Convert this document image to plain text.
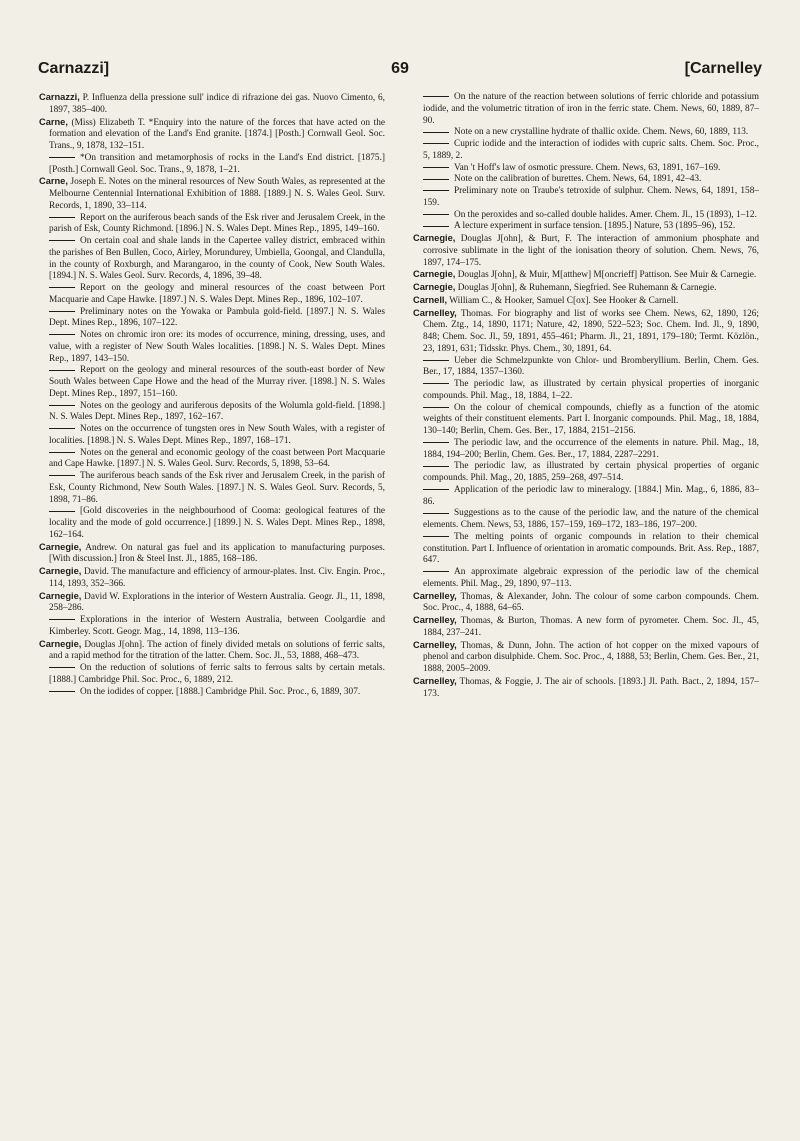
Carnazzi]	69	[Carnelley

Carnazzi, P. Influenza della pressione sull' indice di rifrazione dei gas. Nuovo Cimento, 6, 1897, 385–400.

Carne, (Miss) Elizabeth T. *Enquiry into the nature of the forces that have acted on the formation and elevation of the Land's End granite. [1874.] [Posth.] Cornwall Geol. Soc. Trans., 9, 1878, 132–151.

*On transition and metamorphosis of rocks in the Land's End district. [1875.] [Posth.] Cornwall Geol. Soc. Trans., 9, 1878, 1–21.

Carne, Joseph E. Notes on the mineral resources of New South Wales, as represented at the Melbourne Centennial International Exhibition of 1888. [1889.] N. S. Wales Geol. Surv. Records, 1, 1890, 33–114.

Report on the auriferous beach sands of the Esk river and Jerusalem Creek, in the parish of Esk, County Richmond. [1896.] N. S. Wales Dept. Mines Rep., 1895, 149–160.

On certain coal and shale lands in the Capertee valley district, embraced within the parishes of Ben Bullen, Coco, Airley, Morundurey, Umbiella, Goongal, and Clandulla, in the county of Roxburgh, and Marangaroo, in the county of Cook, New South Wales. [1894.] N. S. Wales Geol. Surv. Records, 4, 1896, 39–48.

Report on the geology and mineral resources of the coast between Port Macquarie and Cape Hawke. [1897.] N. S. Wales Dept. Mines Rep., 1896, 102–107.

Preliminary notes on the Yowaka or Pambula gold-field. [1897.] N. S. Wales Dept. Mines Rep., 1896, 107–122.

Notes on chromic iron ore: its modes of occurrence, mining, dressing, uses, and value, with a register of New South Wales localities. [1898.] N. S. Wales Dept. Mines Rep., 1897, 143–150.

Report on the geology and mineral resources of the south-east border of New South Wales between Cape Howe and the head of the Murray river. [1898.] N. S. Wales Dept. Mines Rep., 1897, 151–160.

Notes on the geology and auriferous deposits of the Wolumla gold-field. [1898.] N. S. Wales Dept. Mines Rep., 1897, 162–167.

Notes on the occurrence of tungsten ores in New South Wales, with a register of localities. [1898.] N. S. Wales Dept. Mines Rep., 1897, 168–171.

Notes on the general and economic geology of the coast between Port Macquarie and Cape Hawke. [1897.] N. S. Wales Geol. Surv. Records, 5, 1898, 53–64.

The auriferous beach sands of the Esk river and Jerusalem Creek, in the parish of Esk, County Richmond, New South Wales. [1897.] N. S. Wales Geol. Surv. Records, 5, 1898, 71–86.

[Gold discoveries in the neighbourhood of Cooma: geological features of the locality and the mode of gold occurrence.] [1899.] N. S. Wales Dept. Mines Rep., 1898, 162–164.

Carnegie, Andrew. On natural gas fuel and its application to manufacturing purposes. [With discussion.] Iron & Steel Inst. Jl., 1885, 168–186.

Carnegie, David. The manufacture and efficiency of armour-plates. Inst. Civ. Engin. Proc., 114, 1893, 352–366.

Carnegie, David W. Explorations in the interior of Western Australia. Geogr. Jl., 11, 1898, 258–286.

Explorations in the interior of Western Australia, between Coolgardie and Kimberley. Scott. Geogr. Mag., 14, 1898, 113–136.

Carnegie, Douglas J[ohn]. The action of finely divided metals on solutions of ferric salts, and a rapid method for the titration of the latter. Chem. Soc. Jl., 53, 1888, 468–473.

On the reduction of solutions of ferric salts to ferrous salts by certain metals. [1888.] Cambridge Phil. Soc. Proc., 6, 1889, 212.

On the iodides of copper. [1888.] Cambridge Phil. Soc. Proc., 6, 1889, 307.

On the nature of the reaction between solutions of ferric chloride and potassium iodide, and the volumetric titration of iron in the ferric state. Chem. News, 60, 1889, 87–90.

Note on a new crystalline hydrate of thallic oxide. Chem. News, 60, 1889, 113.

Cupric iodide and the interaction of iodides with cupric salts. Chem. Soc. Proc., 5, 1889, 2.

Van 't Hoff's law of osmotic pressure. Chem. News, 63, 1891, 167–169.

Note on the calibration of burettes. Chem. News, 64, 1891, 42–43.

Preliminary note on Traube's tetroxide of sulphur. Chem. News, 64, 1891, 158–159.

On the peroxides and so-called double halides. Amer. Chem. Jl., 15 (1893), 1–12.

A lecture experiment in surface tension. [1895.] Nature, 53 (1895–96), 152.

Carnegie, Douglas J[ohn], & Burt, F. The interaction of ammonium phosphate and corrosive sublimate in the light of the ionisation theory of solution. Chem. News, 76, 1897, 174–175.

Carnegie, Douglas J[ohn], & Muir, M[atthew] M[oncrieff] Pattison. See Muir & Carnegie.

Carnegie, Douglas J[ohn], & Ruhemann, Siegfried. See Ruhemann & Carnegie.

Carnell, William C., & Hooker, Samuel C[ox]. See Hooker & Carnell.

Carnelley, Thomas. For biography and list of works see Chem. News, 62, 1890, 126; Chem. Ztg., 14, 1890, 1171; Nature, 42, 1890, 522–523; Soc. Chem. Ind. Jl., 9, 1890, 848; Chem. Soc. Jl., 59, 1891, 455–461; Pharm. Jl., 21, 1891, 179–180; Termt. Közlön., 23, 1891, 631; Tidsskr. Phys. Chem., 30, 1891, 64.

Ueber die Schmelzpunkte von Chlor- und Bromberyllium. Berlin, Chem. Ges. Ber., 17, 1884, 1357–1360.

The periodic law, as illustrated by certain physical properties of inorganic compounds. Phil. Mag., 18, 1884, 1–22.

On the colour of chemical compounds, chiefly as a function of the atomic weights of their constituent elements. Part I. Inorganic compounds. Phil. Mag., 18, 1884, 130–140; Berlin, Chem. Ges. Ber., 17, 1884, 2151–2156.

The periodic law, and the occurrence of the elements in nature. Phil. Mag., 18, 1884, 194–200; Berlin, Chem. Ges. Ber., 17, 1884, 2287–2291.

The periodic law, as illustrated by certain physical properties of organic compounds. Phil. Mag., 20, 1885, 259–268, 497–514.

Application of the periodic law to mineralogy. [1884.] Min. Mag., 6, 1886, 83–86.

Suggestions as to the cause of the periodic law, and the nature of the chemical elements. Chem. News, 53, 1886, 157–159, 169–172, 183–186, 197–200.

The melting points of organic compounds in relation to their chemical constitution. Part I. Influence of orientation in aromatic compounds. Brit. Ass. Rep., 1887, 647.

An approximate algebraic expression of the periodic law of the chemical elements. Phil. Mag., 29, 1890, 97–113.

Carnelley, Thomas, & Alexander, John. The colour of some carbon compounds. Chem. Soc. Proc., 4, 1888, 64–65.

Carnelley, Thomas, & Burton, Thomas. A new form of pyrometer. Chem. Soc. Jl., 45, 1884, 237–241.

Carnelley, Thomas, & Dunn, John. The action of hot copper on the mixed vapours of phenol and carbon disulphide. Chem. Soc. Proc., 4, 1888, 53; Berlin, Chem. Ges. Ber., 21, 1888, 2005–2009.

Carnelley, Thomas, & Foggie, J. The air of schools. [1893.] Jl. Path. Bact., 2, 1894, 157–173.
